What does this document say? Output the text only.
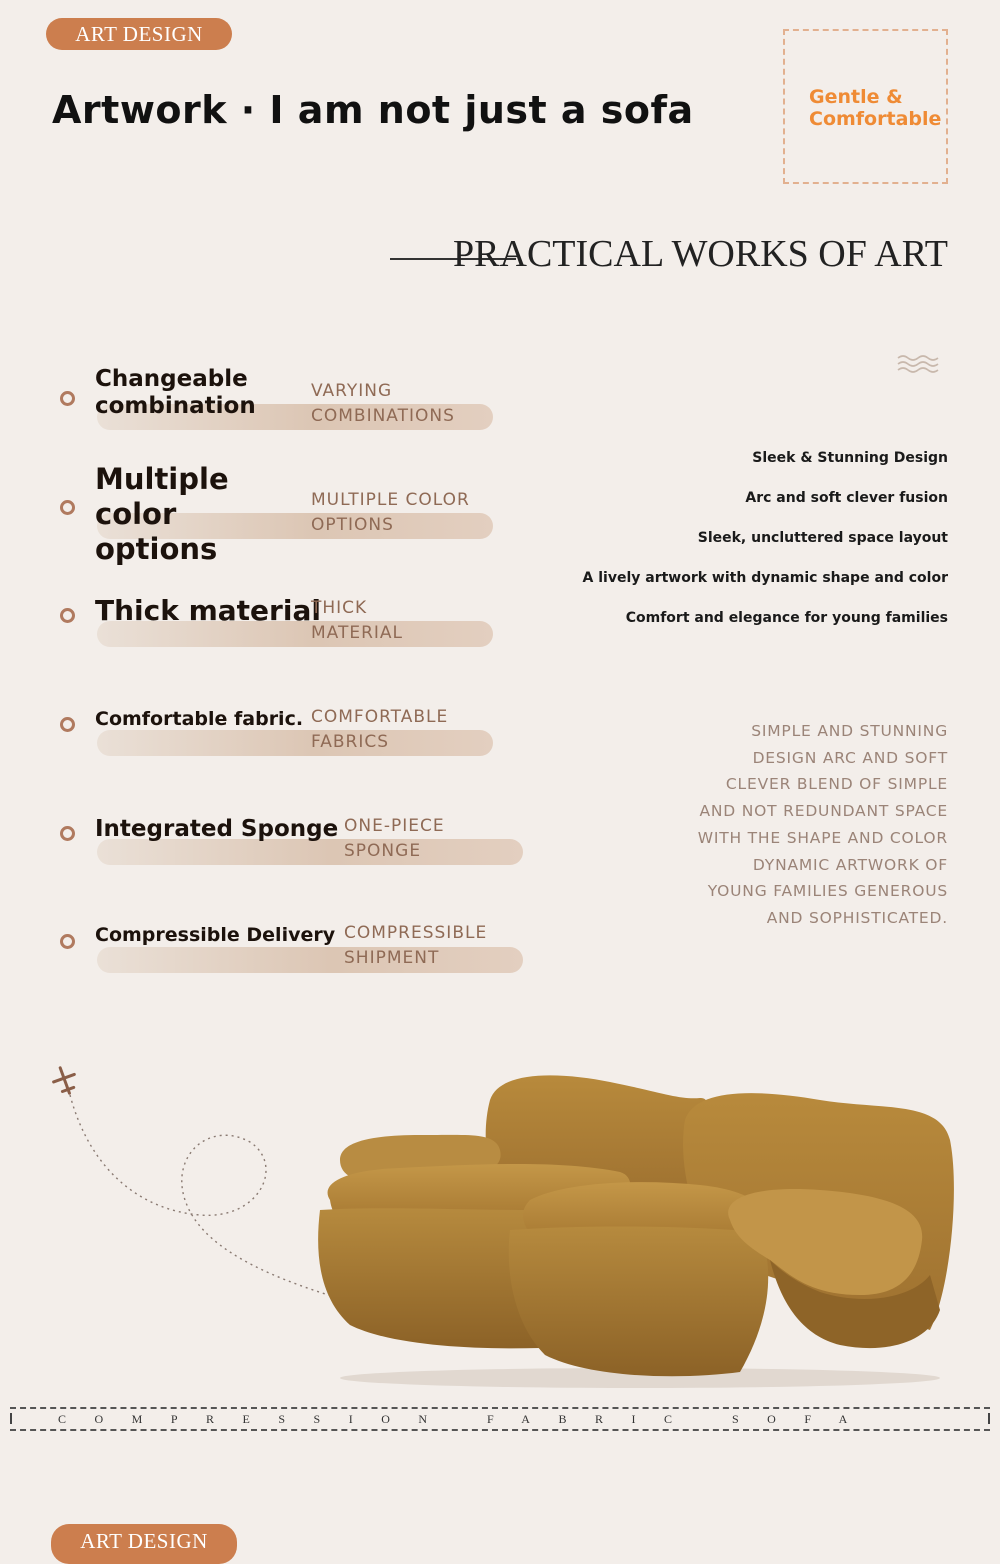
ART DESIGN
Artwork · I am not just a sofa	Gentle & Comfortable
PRACTICAL WORKS OF ART
Changeable combination
VARYING
COMBINATIONS
Multiple color options
MULTIPLE COLOR
OPTIONS
Thick material
THICK
MATERIAL
Comfortable fabric. COMFORTABLE
FABRICS
Integrated Sponge ONE-PIECE
SPONGE
Compressible Delivery COMPRESSIBLE
SHIPMENT
Sleek & Stunning Design
Arc and soft clever fusion
Sleek, uncluttered space layout
A lively artwork with dynamic shape and color
Comfort and elegance for young families
SIMPLE AND STUNNING DESIGN ARC AND SOFT CLEVER BLEND OF SIMPLE AND NOT REDUNDANT SPACE WITH THE SHAPE AND COLOR DYNAMIC ARTWORK OF YOUNG FAMILIES GENEROUS AND SOPHISTICATED.
COMPRESSION FABRIC SOFA
ART DESIGN
